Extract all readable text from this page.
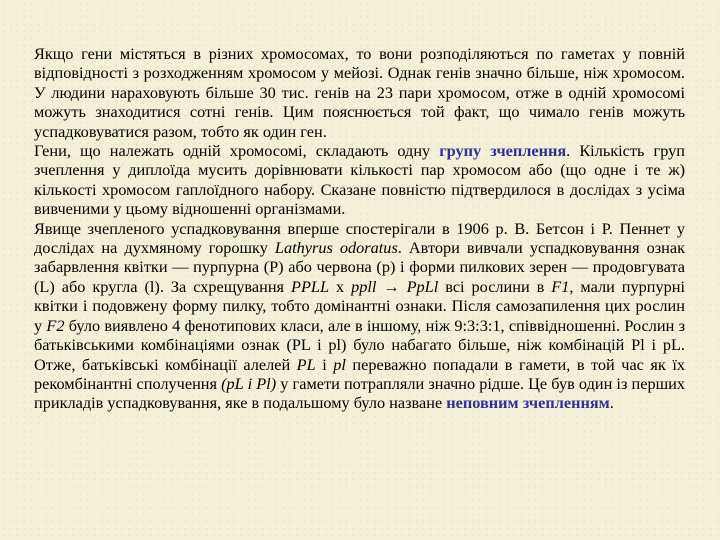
Якщо гени містяться в різних хромосомах, то вони розподіляються по гаметах у повній відповідності з розходженням хромосом у мейозі. Однак генів значно більше, ніж хромосом. У людини нараховують більше 30 тис. генів на 23 пари хромосом, отже в одній хромосомі можуть знаходитися сотні генів. Цим пояснюється той факт, що чимало генів можуть успадковуватися разом, тобто як один ген.

Гени, що належать одній хромосомі, складають одну групу зчеплення. Кількість груп зчеплення у диплоїда мусить дорівнювати кількості пар хромосом або (що одне і те ж) кількості хромосом гаплоїдного набору. Сказане повністю підтвердилося в дослідах з усіма вивченими у цьому відношенні організмами.

Явище зчепленого успадковування вперше спостерігали в 1906 р. В. Бетсон і Р. Пеннет у дослідах на духмяному горошку Lathyrus odoratus. Автори вивчали успадковування ознак забарвлення квітки — пурпурна (Р) або червона (р) і форми пилкових зерен — продовгувата (L) або кругла (l). За схрещування PPLL х ppll → PpLl всі рослини в F1, мали пурпурні квітки і подовжену форму пилку, тобто домінантні ознаки. Після самозапилення цих рослин у F2 було виявлено 4 фенотипових класи, але в іншому, ніж 9:3:3:1, співвідношенні. Рослин з батьківськими комбінаціями ознак (PL і pl) було набагато більше, ніж комбінацій Pl і pL. Отже, батьківські комбінації алелей PL і pl переважно попадали в гамети, в той час як їх рекомбінантні сполучення (pL і Pl) у гамети потрапляли значно рідше. Це був один із перших прикладів успадковування, яке в подальшому було назване неповним зчепленням.
